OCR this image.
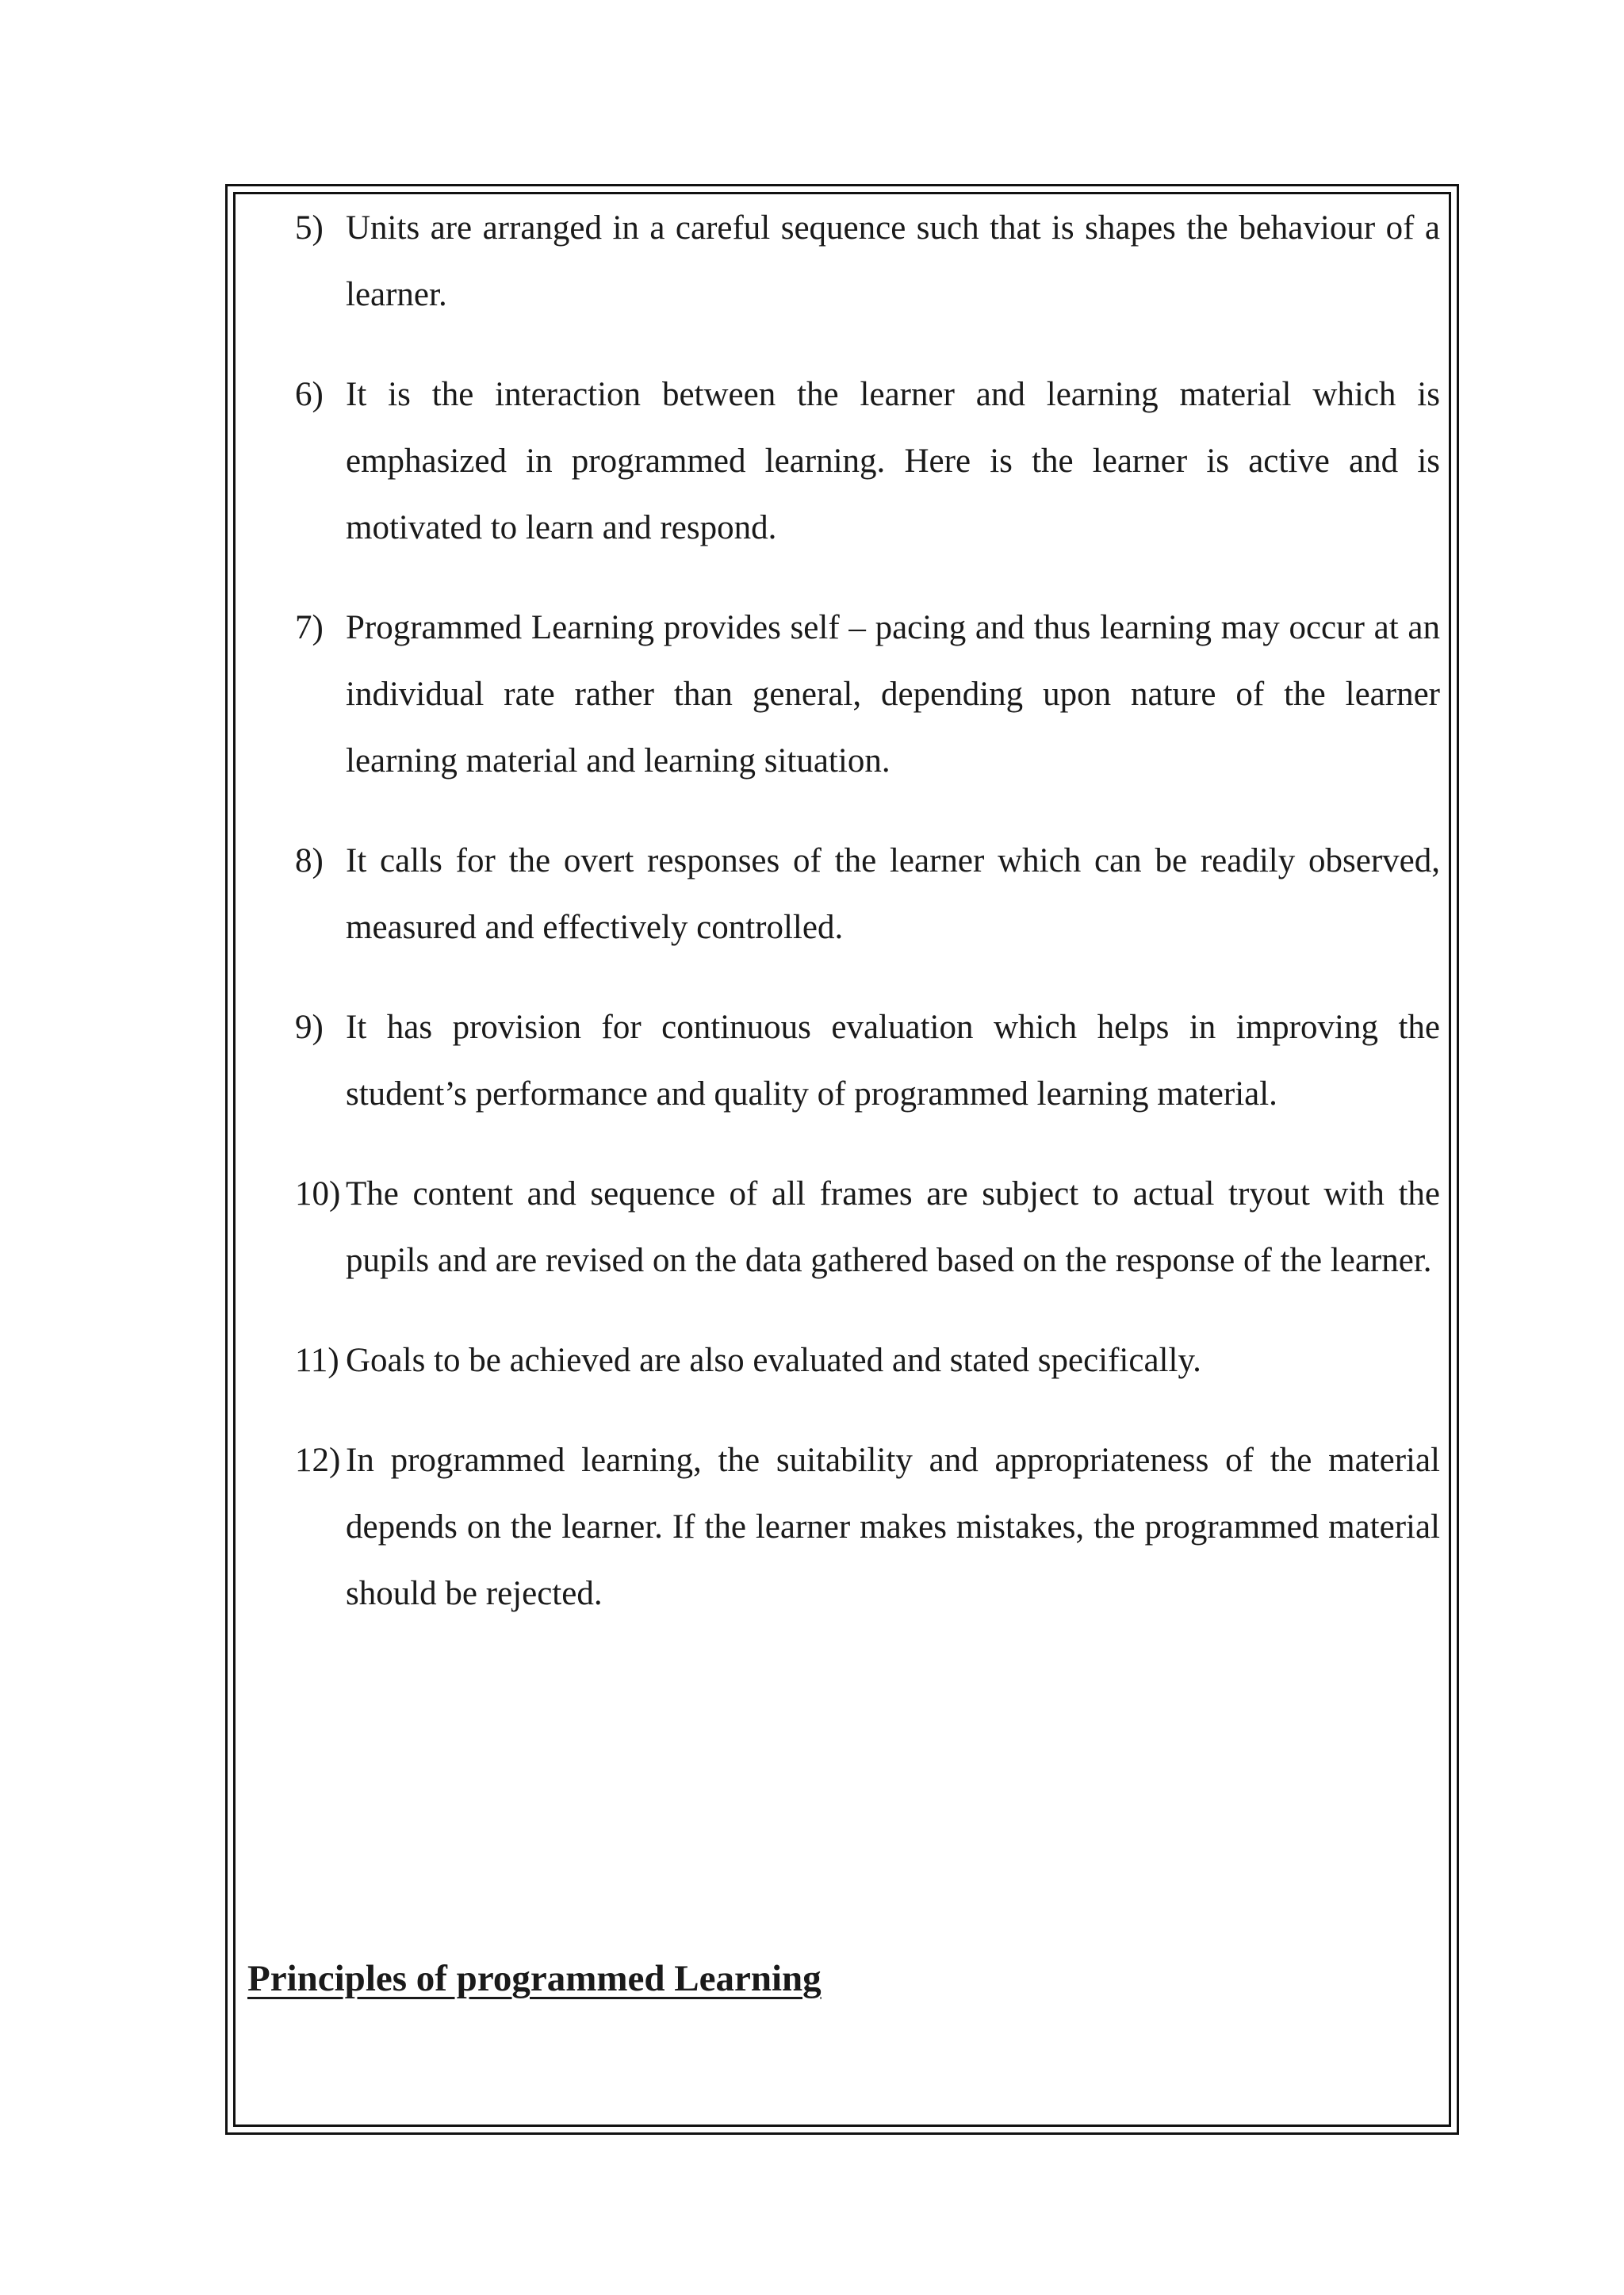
5) Units are arranged in a careful sequence such that is shapes the behaviour of a learner.
6) It is the interaction between the learner and learning material which is emphasized in programmed learning. Here is the learner is active and is motivated to learn and respond.
7) Programmed Learning provides self – pacing and thus learning may occur at an individual rate rather than general, depending upon nature of the learner learning material and learning situation.
8) It calls for the overt responses of the learner which can be readily observed, measured and effectively controlled.
9) It has provision for continuous evaluation which helps in improving the student’s performance and quality of programmed learning material.
10) The content and sequence of all frames are subject to actual tryout with the pupils and are revised on the data gathered based on the response of the learner.
11) Goals to be achieved are also evaluated and stated specifically.
12) In programmed learning, the suitability and appropriateness of the material depends on the learner. If the learner makes mistakes, the programmed material should be rejected.
Principles of programmed Learning
